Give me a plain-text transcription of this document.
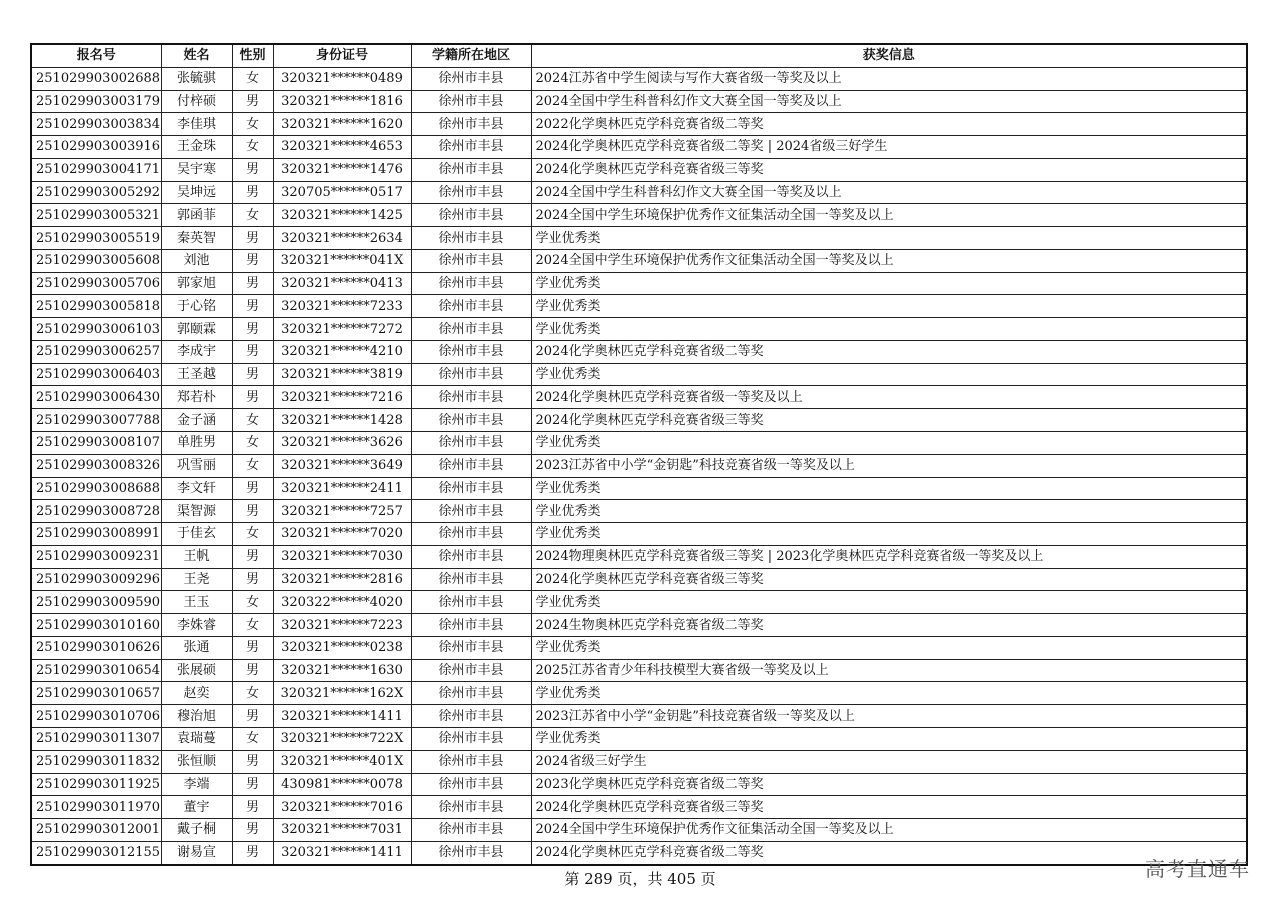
报名号	姓名	性别	身份证号	学籍所在地区	获奖信息
251029903002688	张毓骐	女	320321******0489	徐州市丰县	2024江苏省中学生阅读与写作大赛省级一等奖及以上
251029903003179	付梓硕	男	320321******1816	徐州市丰县	2024全国中学生科普科幻作文大赛全国一等奖及以上
251029903003834	李佳琪	女	320321******1620	徐州市丰县	2022化学奥林匹克学科竞赛省级二等奖
251029903003916	王金珠	女	320321******4653	徐州市丰县	2024化学奥林匹克学科竞赛省级二等奖 | 2024省级三好学生
251029903004171	吴宇寒	男	320321******1476	徐州市丰县	2024化学奥林匹克学科竞赛省级三等奖
251029903005292	吴坤远	男	320705******0517	徐州市丰县	2024全国中学生科普科幻作文大赛全国一等奖及以上
251029903005321	郭函菲	女	320321******1425	徐州市丰县	2024全国中学生环境保护优秀作文征集活动全国一等奖及以上
251029903005519	秦英智	男	320321******2634	徐州市丰县	学业优秀类
251029903005608	刘池	男	320321******041X	徐州市丰县	2024全国中学生环境保护优秀作文征集活动全国一等奖及以上
251029903005706	郭家旭	男	320321******0413	徐州市丰县	学业优秀类
251029903005818	于心铭	男	320321******7233	徐州市丰县	学业优秀类
251029903006103	郭颐霖	男	320321******7272	徐州市丰县	学业优秀类
251029903006257	李成宇	男	320321******4210	徐州市丰县	2024化学奥林匹克学科竞赛省级二等奖
251029903006403	王圣越	男	320321******3819	徐州市丰县	学业优秀类
251029903006430	郑若朴	男	320321******7216	徐州市丰县	2024化学奥林匹克学科竞赛省级一等奖及以上
251029903007788	金子涵	女	320321******1428	徐州市丰县	2024化学奥林匹克学科竞赛省级三等奖
251029903008107	单胜男	女	320321******3626	徐州市丰县	学业优秀类
251029903008326	巩雪丽	女	320321******3649	徐州市丰县	2023江苏省中小学“金钥匙”科技竞赛省级一等奖及以上
251029903008688	李文轩	男	320321******2411	徐州市丰县	学业优秀类
251029903008728	渠智源	男	320321******7257	徐州市丰县	学业优秀类
251029903008991	于佳玄	女	320321******7020	徐州市丰县	学业优秀类
251029903009231	王帆	男	320321******7030	徐州市丰县	2024物理奥林匹克学科竞赛省级三等奖 | 2023化学奥林匹克学科竞赛省级一等奖及以上
251029903009296	王尧	男	320321******2816	徐州市丰县	2024化学奥林匹克学科竞赛省级三等奖
251029903009590	王玉	女	320322******4020	徐州市丰县	学业优秀类
251029903010160	李姝睿	女	320321******7223	徐州市丰县	2024生物奥林匹克学科竞赛省级二等奖
251029903010626	张通	男	320321******0238	徐州市丰县	学业优秀类
251029903010654	张展硕	男	320321******1630	徐州市丰县	2025江苏省青少年科技模型大赛省级一等奖及以上
251029903010657	赵奕	女	320321******162X	徐州市丰县	学业优秀类
251029903010706	穆治旭	男	320321******1411	徐州市丰县	2023江苏省中小学“金钥匙”科技竞赛省级一等奖及以上
251029903011307	袁瑞蔓	女	320321******722X	徐州市丰县	学业优秀类
251029903011832	张恒顺	男	320321******401X	徐州市丰县	2024省级三好学生
251029903011925	李端	男	430981******0078	徐州市丰县	2023化学奥林匹克学科竞赛省级二等奖
251029903011970	董宇	男	320321******7016	徐州市丰县	2024化学奥林匹克学科竞赛省级三等奖
251029903012001	戴子桐	男	320321******7031	徐州市丰县	2024全国中学生环境保护优秀作文征集活动全国一等奖及以上
251029903012155	谢易宣	男	320321******1411	徐州市丰县	2024化学奥林匹克学科竞赛省级二等奖
第 289 页，共 405 页	高考直通车
